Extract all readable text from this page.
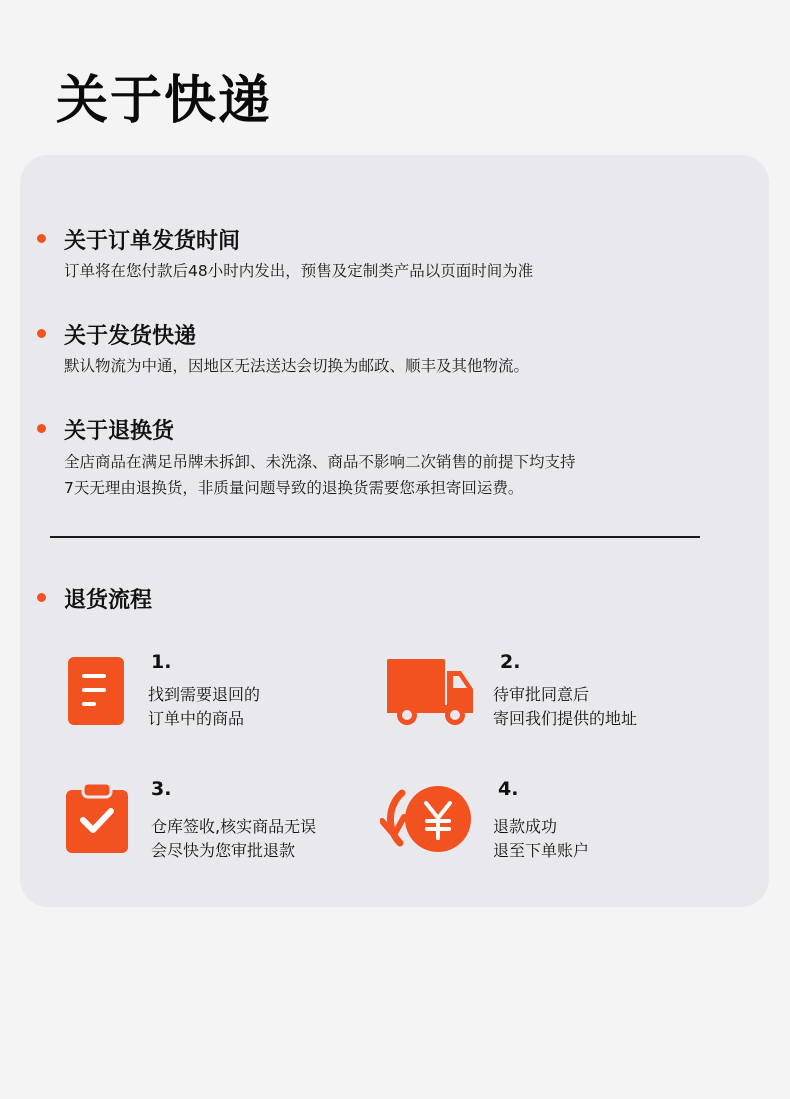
关于快递
关于订单发货时间
订单将在您付款后48小时内发出，预售及定制类产品以页面时间为准
关于发货快递
默认物流为中通，因地区无法送达会切换为邮政、顺丰及其他物流。
关于退换货
全店商品在满足吊牌未拆卸、未洗涤、商品不影响二次销售的前提下均支持
7天无理由退换货，非质量问题导致的退换货需要您承担寄回运费。
退货流程
1.
找到需要退回的
订单中的商品
2.
待审批同意后
寄回我们提供的地址
3.
仓库签收,核实商品无误
会尽快为您审批退款
4.
退款成功
退至下单账户
